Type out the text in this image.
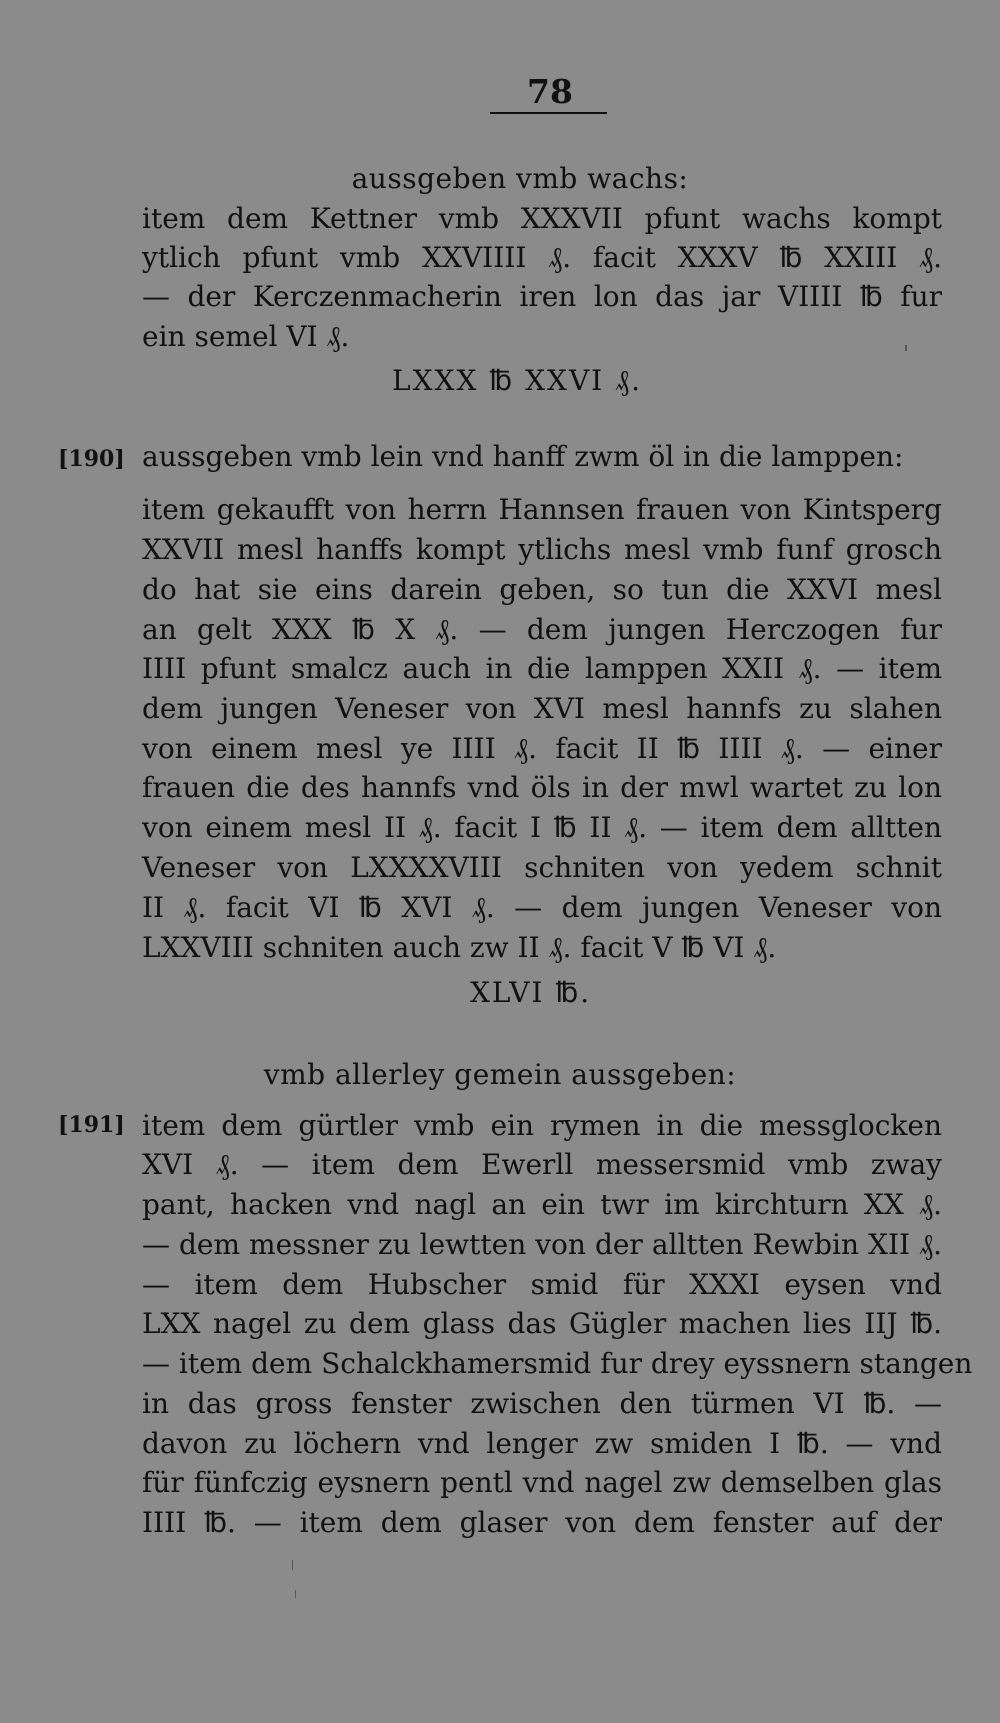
78
aussgeben vmb wachs:
item dem Kettner vmb XXXVII pfunt wachs kompt
ytlich pfunt vmb XXVIIII ₰. facit XXXV ℔ XXIII ₰.
— der Kerczenmacherin iren lon das jar VIIII ℔ fur
ein semel VI ₰.
LXXX ℔ XXVI ₰.
[190] aussgeben vmb lein vnd hanff zwm öl in die lamppen:
item gekaufft von herrn Hannsen frauen von Kintsperg
XXVII mesl hanffs kompt ytlichs mesl vmb funf grosch
do hat sie eins darein geben, so tun die XXVI mesl
an gelt XXX ℔ X ₰. — dem jungen Herczogen fur
IIII pfunt smalcz auch in die lamppen XXII ₰. — item
dem jungen Veneser von XVI mesl hannfs zu slahen
von einem mesl ye IIII ₰. facit II ℔ IIII ₰. — einer
frauen die des hannfs vnd öls in der mwl wartet zu lon
von einem mesl II ₰. facit I ℔ II ₰. — item dem alltten
Veneser von LXXXXVIII schniten von yedem schnit
II ₰. facit VI ℔ XVI ₰. — dem jungen Veneser von
LXXVIII schniten auch zw II ₰. facit V ℔ VI ₰.
XLVI ℔.
vmb allerley gemein aussgeben:
[191] item dem gürtler vmb ein rymen in die messglocken
XVI ₰. — item dem Ewerll messersmid vmb zway
pant, hacken vnd nagl an ein twr im kirchturn XX ₰.
— dem messner zu lewtten von der alltten Rewbin XII ₰.
— item dem Hubscher smid für XXXI eysen vnd
LXX nagel zu dem glass das Gügler machen lies IIJ ℔.
— item dem Schalckhamersmid fur drey eyssnern stangen
in das gross fenster zwischen den türmen VI ℔. —
davon zu löchern vnd lenger zw smiden I ℔. — vnd
für fünfczig eysnern pentl vnd nagel zw demselben glas
IIII ℔. — item dem glaser von dem fenster auf der
